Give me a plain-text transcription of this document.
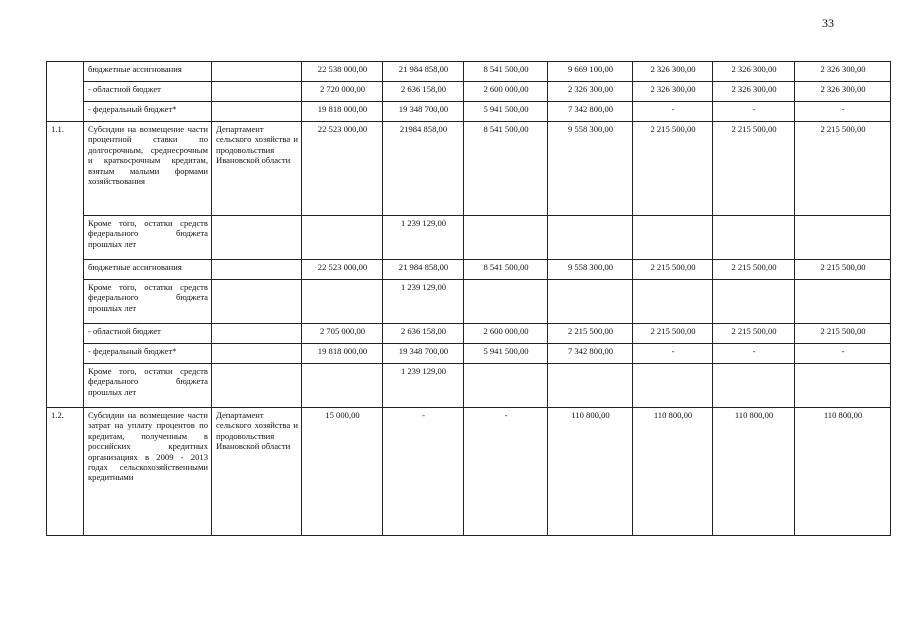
33
	бюджетные ассигнования		22 538 000,00	21 984 858,00	8 541 500,00	9 669 100,00	2 326 300,00	2 326 300,00	2 326 300,00
	- областной бюджет		2 720 000,00	2 636 158,00	2 600 000,00	2 326 300,00	2 326 300,00	2 326 300,00	2 326 300,00
	- федеральный бюджет*		19 818 000,00	19 348 700,00	5 941 500,00	7 342 800,00	-	-	-
1.1.	Субсидии на возмещение части процентной ставки по долгосрочным, среднесрочным и краткосрочным кредитам, взятым малыми формами хозяйствования	Департамент сельского хозяйства и продовольствия Ивановской области	22 523 000,00	21984 858,00	8 541 500,00	9 558 300,00	2 215 500,00	2 215 500,00	2 215 500,00
	Кроме того, остатки средств федерального бюджета прошлых лет			1 239 129,00					
	бюджетные ассигнования		22 523 000,00	21 984 858,00	8 541 500,00	9 558 300,00	2 215 500,00	2 215 500,00	2 215 500,00
	Кроме того, остатки средств федерального бюджета прошлых лет			1 239 129,00					
	- областной бюджет		2 705 000,00	2 636 158,00	2 600 000,00	2 215 500,00	2 215 500,00	2 215 500,00	2 215 500,00
	- федеральный бюджет*		19 818 000,00	19 348 700,00	5 941 500,00	7 342 800,00	-	-	-
	Кроме того, остатки средств федерального бюджета прошлых лет			1 239 129,00					
1.2.	Субсидии на возмещение части затрат на уплату процентов по кредитам, полученным в российских кредитных организациях в 2009 - 2013 годах сельскохозяйственными кредитными	Департамент сельского хозяйства и продовольствия Ивановской области	15 000,00	-	-	110 800,00	110 800,00	110 800,00	110 800,00
